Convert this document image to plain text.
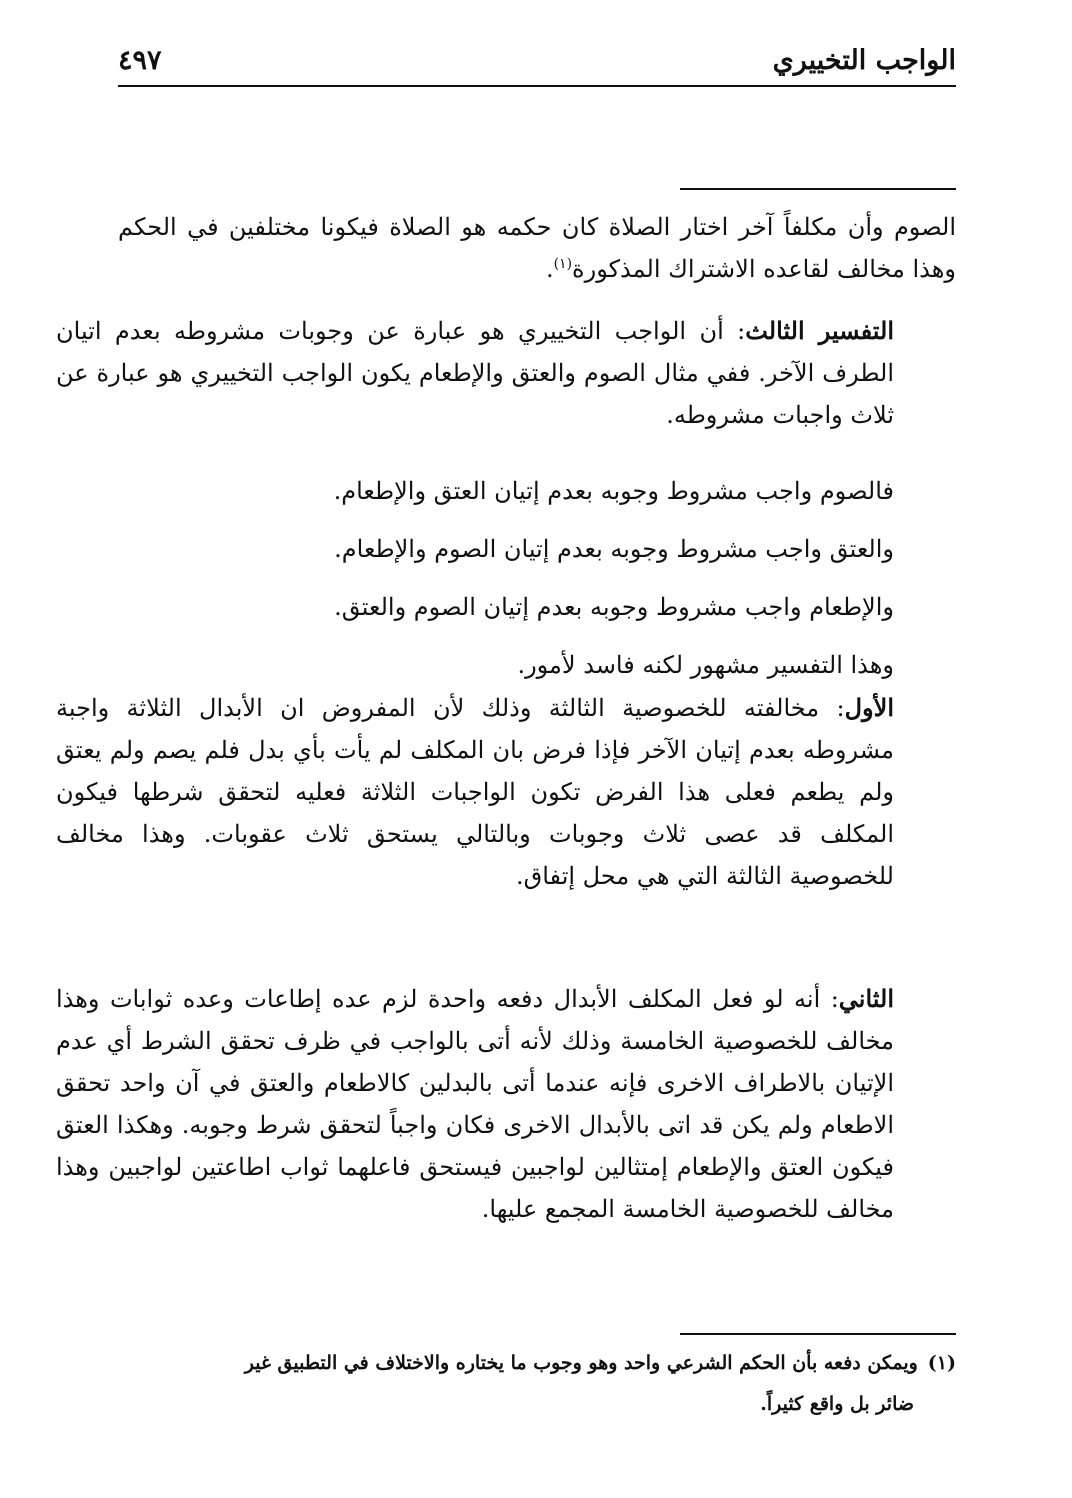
الواجب التخييري
٤٩٧

الصوم وأن مكلفاً آخر اختار الصلاة كان حكمه هو الصلاة فيكونا مختلفين في الحكم وهذا مخالف لقاعده الاشتراك المذكورة$^{(١)}$.

التفسير الثالث: أن الواجب التخييري هو عبارة عن وجوبات مشروطه بعدم اتيان الطرف الآخر. ففي مثال الصوم والعتق والإطعام يكون الواجب التخييري هو عبارة عن ثلاث واجبات مشروطه.

فالصوم واجب مشروط وجوبه بعدم إتيان العتق والإطعام.
والعتق واجب مشروط وجوبه بعدم إتيان الصوم والإطعام.
والإطعام واجب مشروط وجوبه بعدم إتيان الصوم والعتق.
وهذا التفسير مشهور لكنه فاسد لأمور.

الأول: مخالفته للخصوصية الثالثة وذلك لأن المفروض ان الأبدال الثلاثة واجبة مشروطه بعدم إتيان الآخر فإذا فرض بان المكلف لم يأت بأي بدل فلم يصم ولم يعتق ولم يطعم فعلى هذا الفرض تكون الواجبات الثلاثة فعليه لتحقق شرطها فيكون المكلف قد عصى ثلاث وجوبات وبالتالي يستحق ثلاث عقوبات. وهذا مخالف للخصوصية الثالثة التي هي محل إتفاق.

الثاني: أنه لو فعل المكلف الأبدال دفعه واحدة لزم عده إطاعات وعده ثوابات وهذا مخالف للخصوصية الخامسة وذلك لأنه أتى بالواجب في ظرف تحقق الشرط أي عدم الإتيان بالاطراف الاخرى فإنه عندما أتى بالبدلين كالاطعام والعتق في آن واحد تحقق الاطعام ولم يكن قد اتى بالأبدال الاخرى فكان واجباً لتحقق شرط وجوبه. وهكذا العتق فيكون العتق والإطعام إمتثالين لواجبين فيستحق فاعلهما ثواب اطاعتين لواجبين وهذا مخالف للخصوصية الخامسة المجمع عليها.

(١)ويمكن دفعه بأن الحكم الشرعي واحد وهو وجوب ما يختاره والاختلاف في التطبيق غير
ضائر بل واقع كثيراً.
